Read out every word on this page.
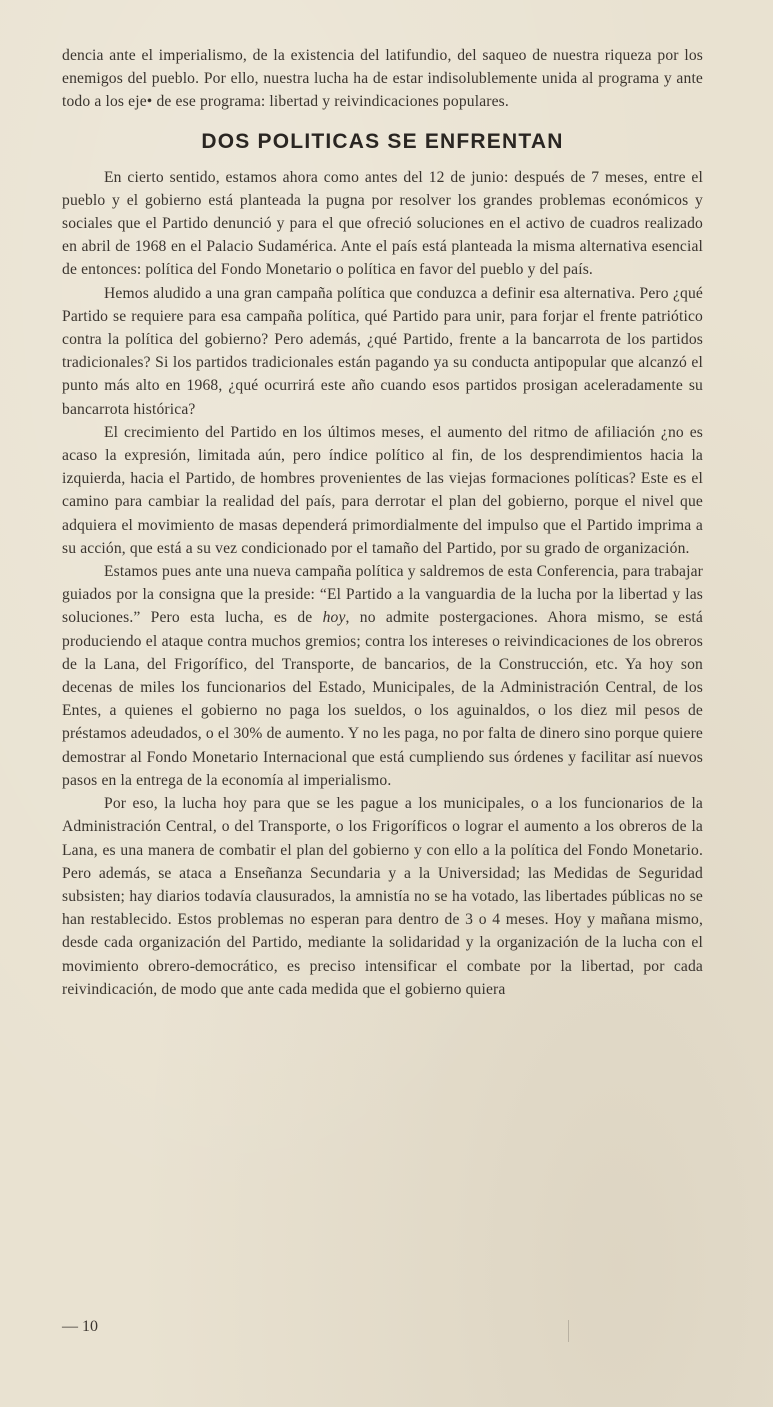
dencia ante el imperialismo, de la existencia del latifundio, del saqueo de nuestra riqueza por los enemigos del pueblo. Por ello, nuestra lucha ha de estar indisolublemente unida al programa y ante todo a los eje• de ese programa: libertad y reivindicaciones populares.

DOS POLITICAS SE ENFRENTAN

En cierto sentido, estamos ahora como antes del 12 de junio: después de 7 meses, entre el pueblo y el gobierno está planteada la pugna por resolver los grandes problemas económicos y sociales que el Partido denunció y para el que ofreció soluciones en el activo de cuadros realizado en abril de 1968 en el Palacio Sudamérica. Ante el país está planteada la misma alternativa esencial de entonces: política del Fondo Monetario o política en favor del pueblo y del país.

Hemos aludido a una gran campaña política que conduzca a definir esa alternativa. Pero ¿qué Partido se requiere para esa campaña política, qué Partido para unir, para forjar el frente patriótico contra la política del gobierno? Pero además, ¿qué Partido, frente a la bancarrota de los partidos tradicionales? Si los partidos tradicionales están pagando ya su conducta antipopular que alcanzó el punto más alto en 1968, ¿qué ocurrirá este año cuando esos partidos prosigan aceleradamente su bancarrota histórica?

El crecimiento del Partido en los últimos meses, el aumento del ritmo de afiliación ¿no es acaso la expresión, limitada aún, pero índice político al fin, de los desprendimientos hacia la izquierda, hacia el Partido, de hombres provenientes de las viejas formaciones políticas? Este es el camino para cambiar la realidad del país, para derrotar el plan del gobierno, porque el nivel que adquiera el movimiento de masas dependerá primordialmente del impulso que el Partido imprima a su acción, que está a su vez condicionado por el tamaño del Partido, por su grado de organización.

Estamos pues ante una nueva campaña política y saldremos de esta Conferencia, para trabajar guiados por la consigna que la preside: “El Partido a la vanguardia de la lucha por la libertad y las soluciones.” Pero esta lucha, es de hoy, no admite postergaciones. Ahora mismo, se está produciendo el ataque contra muchos gremios; contra los intereses o reivindicaciones de los obreros de la Lana, del Frigorífico, del Transporte, de bancarios, de la Construcción, etc. Ya hoy son decenas de miles los funcionarios del Estado, Municipales, de la Administración Central, de los Entes, a quienes el gobierno no paga los sueldos, o los aguinaldos, o los diez mil pesos de préstamos adeudados, o el 30% de aumento. Y no les paga, no por falta de dinero sino porque quiere demostrar al Fondo Monetario Internacional que está cumpliendo sus órdenes y facilitar así nuevos pasos en la entrega de la economía al imperialismo.

Por eso, la lucha hoy para que se les pague a los municipales, o a los funcionarios de la Administración Central, o del Transporte, o los Frigoríficos o lograr el aumento a los obreros de la Lana, es una manera de combatir el plan del gobierno y con ello a la política del Fondo Monetario. Pero además, se ataca a Enseñanza Secundaria y a la Universidad; las Medidas de Seguridad subsisten; hay diarios todavía clausurados, la amnistía no se ha votado, las libertades públicas no se han restablecido. Estos problemas no esperan para dentro de 3 o 4 meses. Hoy y mañana mismo, desde cada organización del Partido, mediante la solidaridad y la organización de la lucha con el movimiento obrero-democrático, es preciso intensificar el combate por la libertad, por cada reivindicación, de modo que ante cada medida que el gobierno quiera

— 10
